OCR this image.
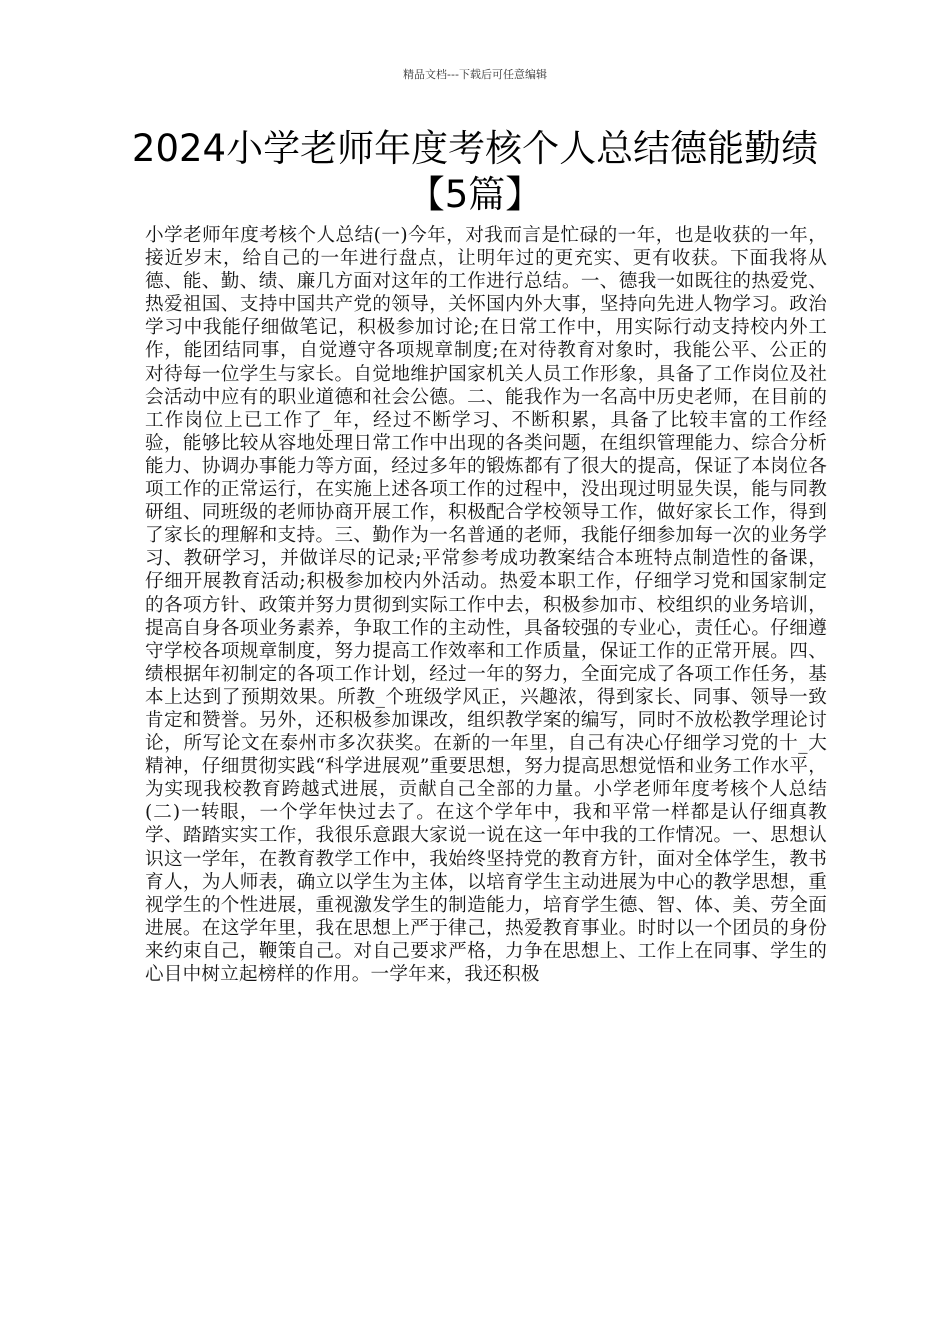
精品文档---下载后可任意编辑
2024小学老师年度考核个人总结德能勤绩【5篇】

小学老师年度考核个人总结(一)今年，对我而言是忙碌的一年，也是收获的一年，接近岁末，给自己的一年进行盘点，让明年过的更充实、更有收获。下面我将从德、能、勤、绩、廉几方面对这年的工作进行总结。一、德我一如既往的热爱党、热爱祖国、支持中国共产党的领导，关怀国内外大事，坚持向先进人物学习。政治学习中我能仔细做笔记，积极参加讨论;在日常工作中，用实际行动支持校内外工作，能团结同事，自觉遵守各项规章制度;在对待教育对象时，我能公平、公正的对待每一位学生与家长。自觉地维护国家机关人员工作形象，具备了工作岗位及社会活动中应有的职业道德和社会公德。二、能我作为一名高中历史老师，在目前的工作岗位上已工作了_年，经过不断学习、不断积累，具备了比较丰富的工作经验，能够比较从容地处理日常工作中出现的各类问题，在组织管理能力、综合分析能力、协调办事能力等方面，经过多年的锻炼都有了很大的提高，保证了本岗位各项工作的正常运行，在实施上述各项工作的过程中，没出现过明显失误，能与同教研组、同班级的老师协商开展工作，积极配合学校领导工作，做好家长工作，得到了家长的理解和支持。三、勤作为一名普通的老师，我能仔细参加每一次的业务学习、教研学习，并做详尽的记录;平常参考成功教案结合本班特点制造性的备课，仔细开展教育活动;积极参加校内外活动。热爱本职工作，仔细学习党和国家制定的各项方针、政策并努力贯彻到实际工作中去，积极参加市、校组织的业务培训，提高自身各项业务素养，争取工作的主动性，具备较强的专业心，责任心。仔细遵守学校各项规章制度，努力提高工作效率和工作质量，保证工作的正常开展。四、绩根据年初制定的各项工作计划，经过一年的努力，全面完成了各项工作任务，基本上达到了预期效果。所教_个班级学风正，兴趣浓，得到家长、同事、领导一致肯定和赞誉。另外，还积极参加课改，组织教学案的编写，同时不放松教学理论讨论，所写论文在泰州市多次获奖。在新的一年里，自己有决心仔细学习党的十_大精神，仔细贯彻实践“科学进展观”重要思想，努力提高思想觉悟和业务工作水平，为实现我校教育跨越式进展，贡献自己全部的力量。小学老师年度考核个人总结(二)一转眼，一个学年快过去了。在这个学年中，我和平常一样都是认仔细真教学、踏踏实实工作，我很乐意跟大家说一说在这一年中我的工作情况。一、思想认识这一学年，在教育教学工作中，我始终坚持党的教育方针，面对全体学生，教书育人，为人师表，确立以学生为主体，以培育学生主动进展为中心的教学思想，重视学生的个性进展，重视激发学生的制造能力，培育学生德、智、体、美、劳全面进展。在这学年里，我在思想上严于律己，热爱教育事业。时时以一个团员的身份来约束自己，鞭策自己。对自己要求严格，力争在思想上、工作上在同事、学生的心目中树立起榜样的作用。一学年来，我还积极
